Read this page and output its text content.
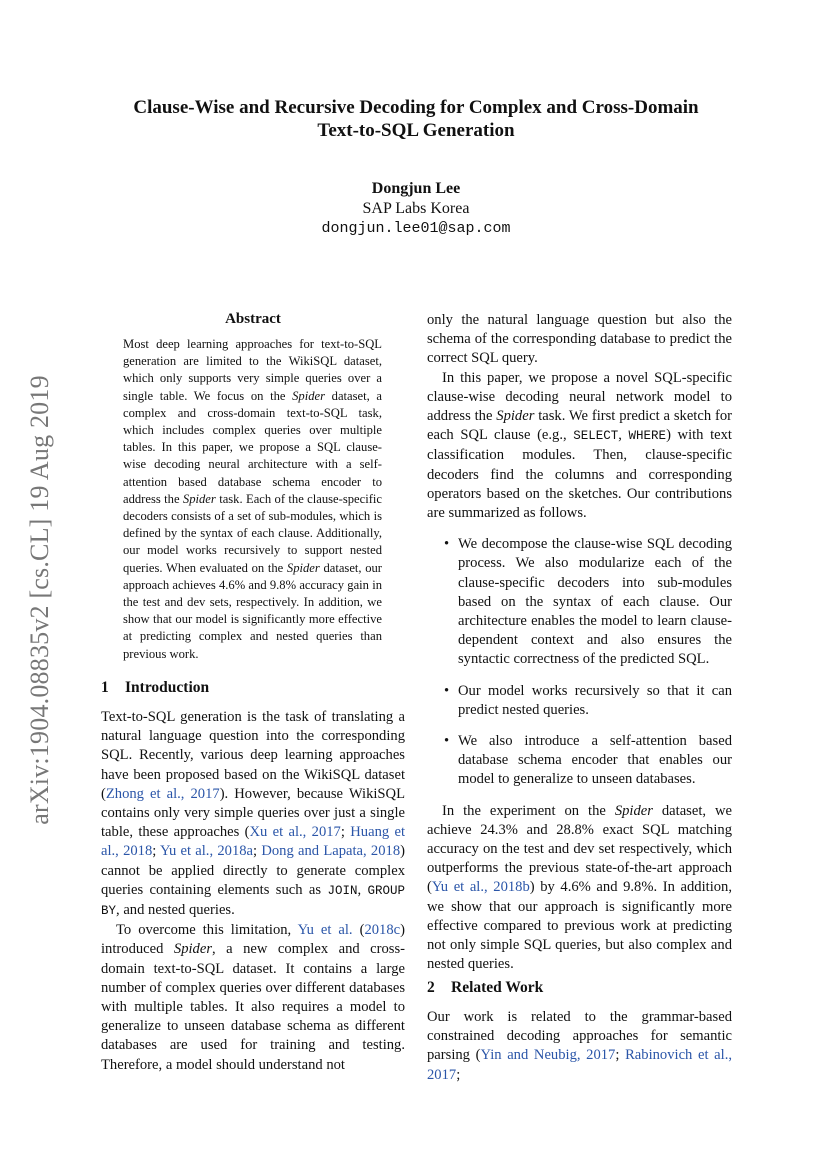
arXiv:1904.08835v2 [cs.CL] 19 Aug 2019
Clause-Wise and Recursive Decoding for Complex and Cross-Domain
Text-to-SQL Generation
Dongjun Lee
SAP Labs Korea
dongjun.lee01@sap.com
Abstract
Most deep learning approaches for text-to-SQL generation are limited to the WikiSQL dataset, which only supports very simple queries over a single table. We focus on the Spider dataset, a complex and cross-domain text-to-SQL task, which includes complex queries over multiple tables. In this paper, we propose a SQL clause-wise decoding neural architecture with a self-attention based database schema encoder to address the Spider task. Each of the clause-specific decoders consists of a set of sub-modules, which is defined by the syntax of each clause. Additionally, our model works recursively to support nested queries. When evaluated on the Spider dataset, our approach achieves 4.6% and 9.8% accuracy gain in the test and dev sets, respectively. In addition, we show that our model is significantly more effective at predicting complex and nested queries than previous work.
1 Introduction

Text-to-SQL generation is the task of translating a natural language question into the corresponding SQL. Recently, various deep learning approaches have been proposed based on the WikiSQL dataset (Zhong et al., 2017). However, because WikiSQL contains only very simple queries over just a single table, these approaches (Xu et al., 2017; Huang et al., 2018; Yu et al., 2018a; Dong and Lapata, 2018) cannot be applied directly to generate complex queries containing elements such as JOIN, GROUP BY, and nested queries.

To overcome this limitation, Yu et al. (2018c) introduced Spider, a new complex and cross-domain text-to-SQL dataset. It contains a large number of complex queries over different databases with multiple tables. It also requires a model to generalize to unseen database schema as different databases are used for training and testing. Therefore, a model should understand not

only the natural language question but also the schema of the corresponding database to predict the correct SQL query.

In this paper, we propose a novel SQL-specific clause-wise decoding neural network model to address the Spider task. We first predict a sketch for each SQL clause (e.g., SELECT, WHERE) with text classification modules. Then, clause-specific decoders find the columns and corresponding operators based on the sketches. Our contributions are summarized as follows.

• We decompose the clause-wise SQL decoding process. We also modularize each of the clause-specific decoders into sub-modules based on the syntax of each clause. Our architecture enables the model to learn clause-dependent context and also ensures the syntactic correctness of the predicted SQL.

• Our model works recursively so that it can predict nested queries.

• We also introduce a self-attention based database schema encoder that enables our model to generalize to unseen databases.

In the experiment on the Spider dataset, we achieve 24.3% and 28.8% exact SQL matching accuracy on the test and dev set respectively, which outperforms the previous state-of-the-art approach (Yu et al., 2018b) by 4.6% and 9.8%. In addition, we show that our approach is significantly more effective compared to previous work at predicting not only simple SQL queries, but also complex and nested queries.

2 Related Work

Our work is related to the grammar-based constrained decoding approaches for semantic parsing (Yin and Neubig, 2017; Rabinovich et al., 2017;
